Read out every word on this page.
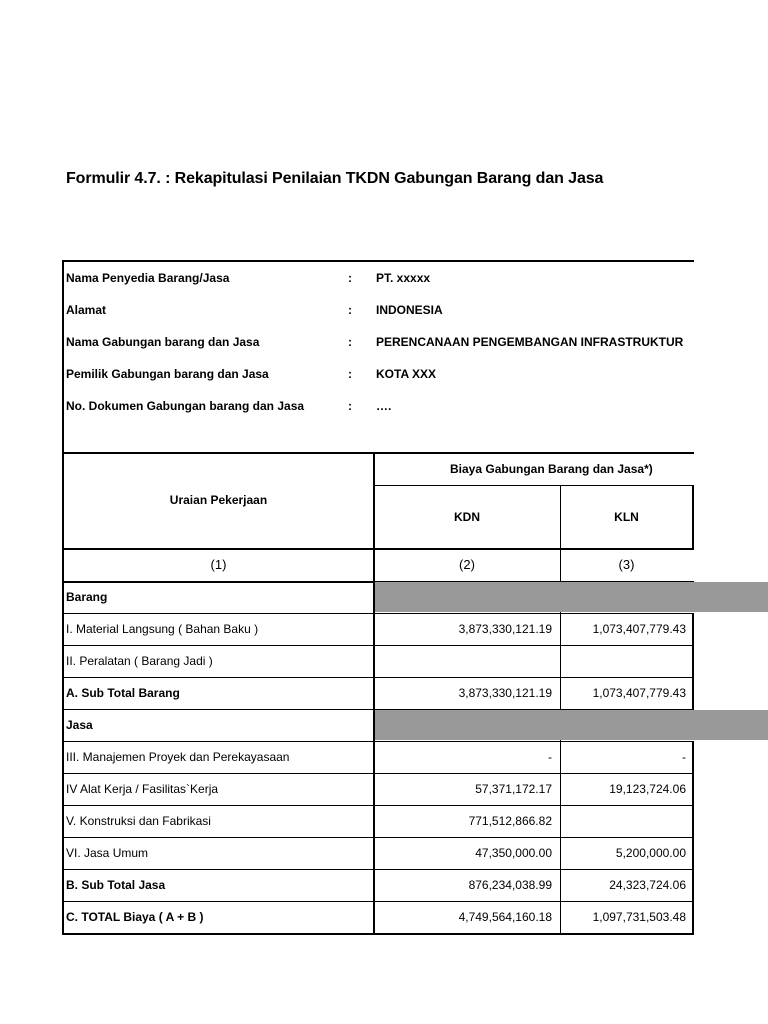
Formulir 4.7. : Rekapitulasi Penilaian TKDN Gabungan Barang dan Jasa
Nama Penyedia Barang/Jasa	: PT. xxxxx
Alamat	: INDONESIA
Nama Gabungan barang dan Jasa	: PERENCANAAN PENGEMBANGAN INFRASTRUKTUR
Pemilik Gabungan barang dan Jasa	: KOTA XXX
No. Dokumen Gabungan barang dan Jasa	: ….
Biaya Gabungan Barang dan Jasa*)
Uraian Pekerjaan
KDN	KLN
(1)	(2)	(3)
Barang
I. Material Langsung ( Bahan Baku )	3,873,330,121.19	1,073,407,779.43
II. Peralatan ( Barang Jadi )
A. Sub Total Barang	3,873,330,121.19	1,073,407,779.43
Jasa
III. Manajemen Proyek dan Perekayasaan	-	-
IV Alat Kerja / Fasilitas`Kerja	57,371,172.17	19,123,724.06
V. Konstruksi dan Fabrikasi	771,512,866.82
VI. Jasa Umum	47,350,000.00	5,200,000.00
B. Sub Total Jasa	876,234,038.99	24,323,724.06
C. TOTAL Biaya ( A + B )	4,749,564,160.18	1,097,731,503.48
